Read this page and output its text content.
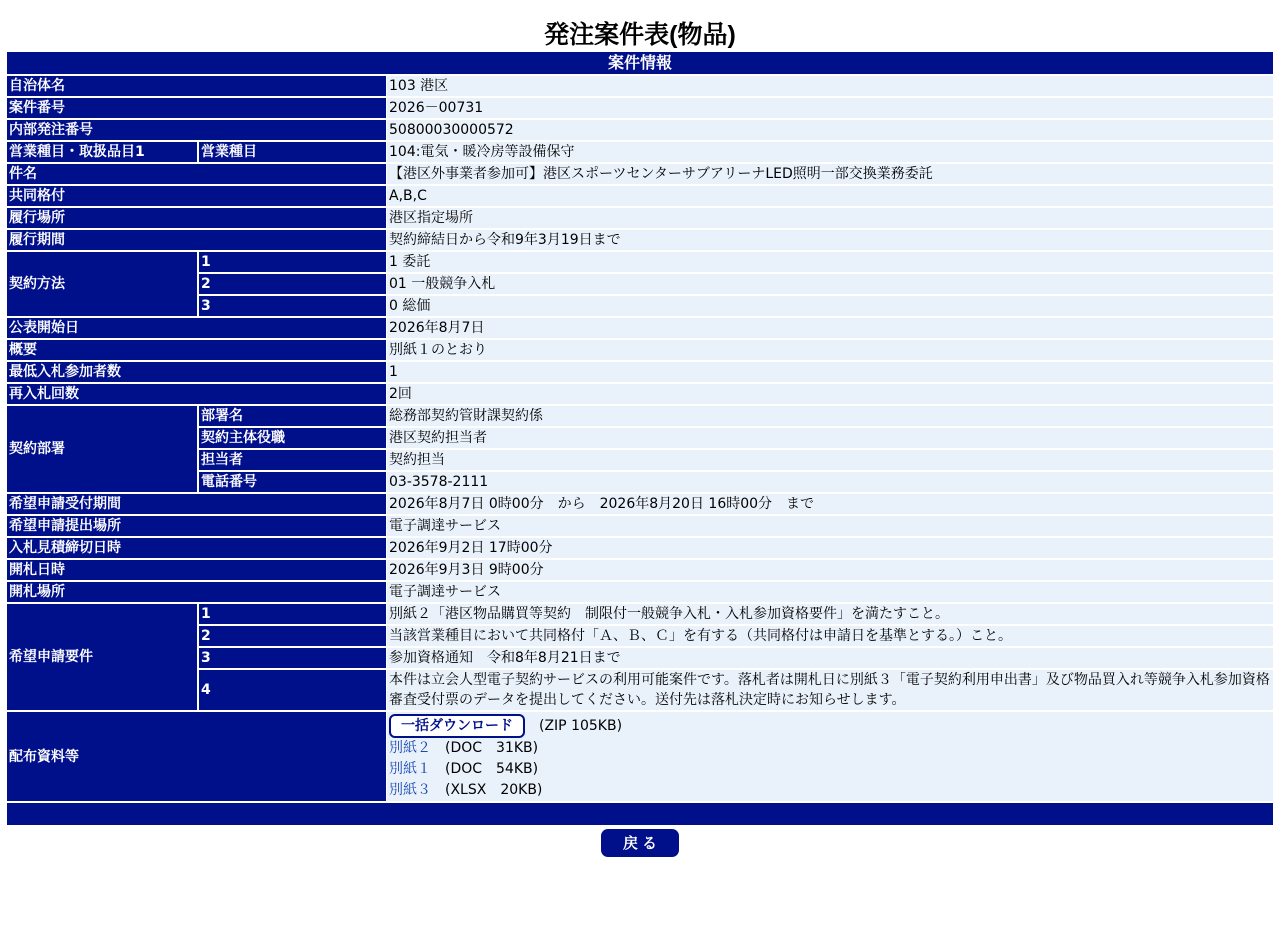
発注案件表(物品)
案件情報		
自治体名		103 港区
案件番号		2026－00731
内部発注番号		50800030000572
営業種目・取扱品目1	営業種目	104:電気・暖冷房等設備保守
件名		【港区外事業者参加可】港区スポーツセンターサブアリーナLED照明一部交換業務委託
共同格付		A,B,C
履行場所		港区指定場所
履行期間		契約締結日から令和9年3月19日まで
契約方法	1	1 委託
	2	01 一般競争入札
	3	0 総価
公表開始日		2026年8月7日
概要		別紙１のとおり
最低入札参加者数		1
再入札回数		2回
契約部署	部署名	総務部契約管財課契約係
	契約主体役職	港区契約担当者
	担当者	契約担当
	電話番号	03-3578-2111
希望申請受付期間		2026年8月7日 0時00分　から　2026年8月20日 16時00分　まで
希望申請提出場所		電子調達サービス
入札見積締切日時		2026年9月2日 17時00分
開札日時		2026年9月3日 9時00分
開札場所		電子調達サービス
希望申請要件	1	別紙２「港区物品購買等契約　制限付一般競争入札・入札参加資格要件」を満たすこと。
	2	当該営業種目において共同格付「Ａ、Ｂ、Ｃ」を有する（共同格付は申請日を基準とする。）こと。
	3	参加資格通知　令和8年8月21日まで
	4	本件は立会人型電子契約サービスの利用可能案件です。落札者は開札日に別紙３「電子契約利用申出書」及び物品買入れ等競争入札参加資格審査受付票のデータを提出してください。送付先は落札決定時にお知らせします。
配布資料等		一括ダウンロード (ZIP 105KB)
別紙２ (DOC　31KB)
別紙１ (DOC　54KB)
別紙３ (XLSX　20KB)

戻る
